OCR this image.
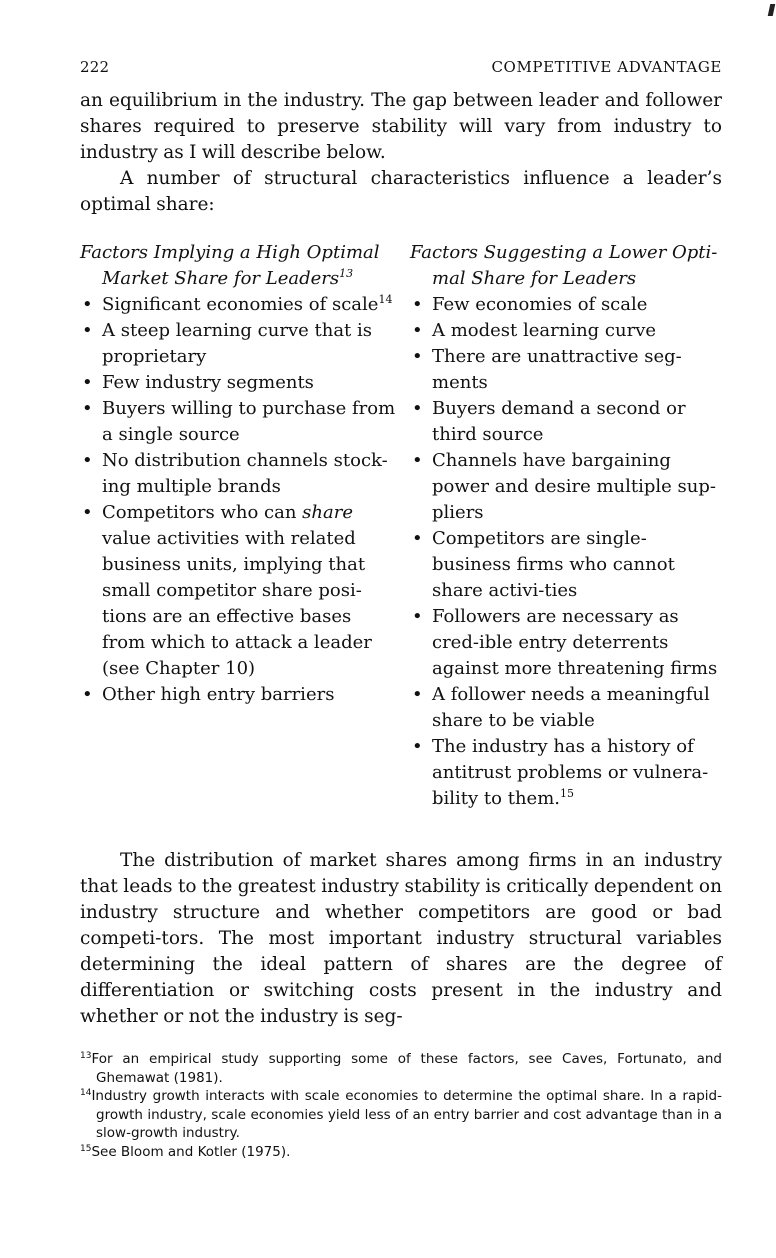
222	COMPETITIVE ADVANTAGE

an equilibrium in the industry. The gap between leader and follower shares required to preserve stability will vary from industry to industry as I will describe below.

A number of structural characteristics influence a leader’s optimal share:

Factors Implying a High Optimal Market Share for Leaders$^{13}$
• Significant economies of scale$^{14}$
• A steep learning curve that is proprietary
• Few industry segments
• Buyers willing to purchase from a single source
• No distribution channels stock-ing multiple brands
• Competitors who can share value activities with related business units, implying that small competitor share posi-tions are an effective bases from which to attack a leader (see Chapter 10)
• Other high entry barriers
Factors Suggesting a Lower Opti-mal Share for Leaders
• Few economies of scale
• A modest learning curve
• There are unattractive seg-ments
• Buyers demand a second or third source
• Channels have bargaining power and desire multiple sup-pliers
• Competitors are single-business firms who cannot share activi-ties
• Followers are necessary as cred-ible entry deterrents against more threatening firms
• A follower needs a meaningful share to be viable
• The industry has a history of antitrust problems or vulnera-bility to them.$^{15}$

The distribution of market shares among firms in an industry that leads to the greatest industry stability is critically dependent on industry structure and whether competitors are good or bad competi-tors. The most important industry structural variables determining the ideal pattern of shares are the degree of differentiation or switching costs present in the industry and whether or not the industry is seg-

$^{13}$For an empirical study supporting some of these factors, see Caves, Fortunato, and Ghemawat (1981).
$^{14}$Industry growth interacts with scale economies to determine the optimal share. In a rapid-growth industry, scale economies yield less of an entry barrier and cost advantage than in a slow-growth industry.
$^{15}$See Bloom and Kotler (1975).
